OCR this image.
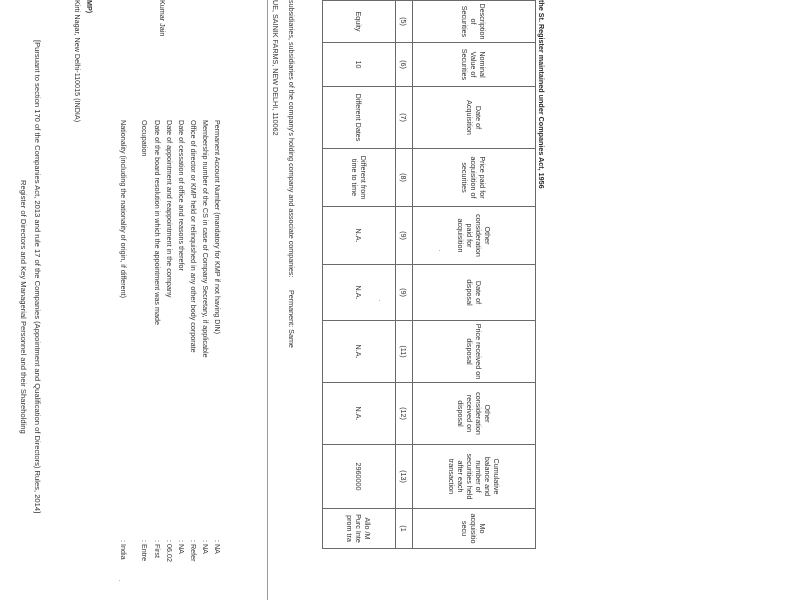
Register of Directors and Key Managerial Personnel and their Shareholding [Pursuant to section 170 of the Companies Act, 2013 and rule 17 of the Companies (Appointment and Qualification of Directors) Rules, 2014]	Kirti Nagar, New Delhi-110015 (INDIA) MP)	Kumar Jain
Nationality (including the nationality of origin, if different)
: India
Occupation
: Entre
Date of the board resolution in which the appointment was made
: First
Date of appointment and reappointment in the company
: 06.02
Date of cessation of office and reasons therefor
: NA
Office of director or KMP held or relinquished in any other body corporate
: Refer
Membership number of the CS in case of Company Secretary, if applicable
: NA
Permanent Account Number (mandatory for KMP if not having DIN)
: NA
UE, SAINIK FARMS, NEW DELHI, 110062 subsidiaries, subsidiaries of the company's holding company and associate companies:
Permanent: Same
Description of Securities	Nominal Value of Securities	Date of Acquisition	Price paid for acquisition of securities	Other consideration paid for acquisition	Date of disposal	Price received on disposal	Other consideration received on disposal	Cumulative balance and number of securities held after each transaction	Mo acquisitio secu
(5)	(6)	(7)	(8)	(9)	(9)	(11)	(12)	(13)	(1
Equity	10	Different Dates	Different from time to time	N.A.	N.A.	N.A.	N.A.	2960000	Allo /M Purc Inte prom tra
the St. Register maintained under Companies Act, 1956
